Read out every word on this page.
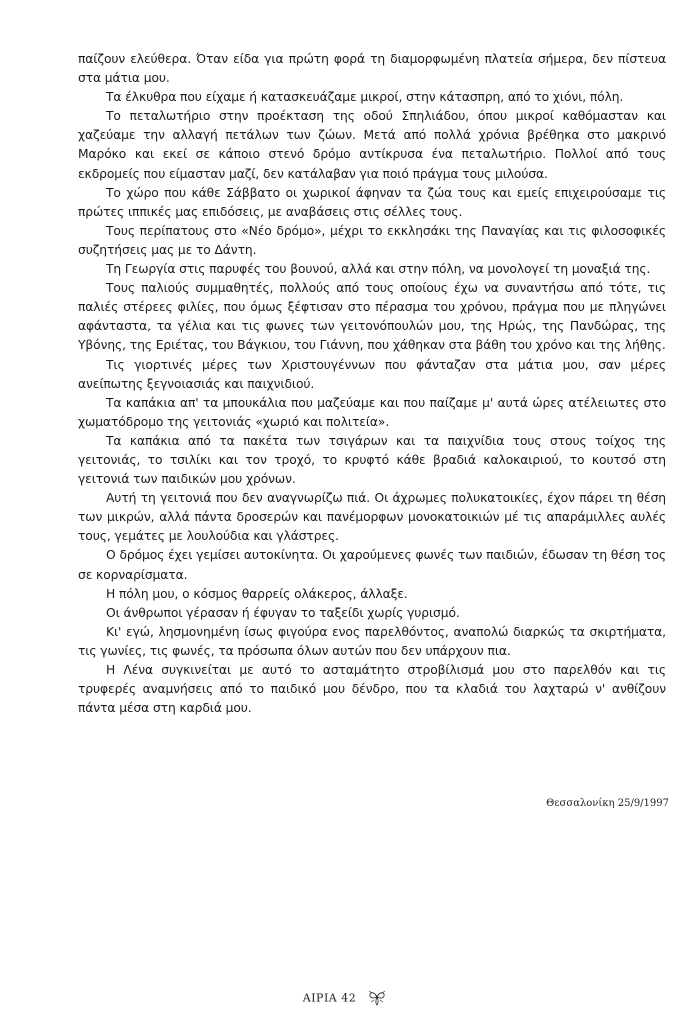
παίζουν ελεύθερα. Όταν είδα για πρώτη φορά τη διαμορφωμένη πλατεία σήμερα, δεν πίστευα στα μάτια μου.

Τα έλκυθρα που είχαμε ή κατασκευάζαμε μικροί, στην κάτασπρη, από το χιόνι, πόλη.

Το πεταλωτήριο στην προέκταση της οδού Σπηλιάδου, όπου μικροί καθόμασταν και χαζεύαμε την αλλαγή πετάλων των ζώων. Μετά από πολλά χρόνια βρέθηκα στο μακρινό Μαρόκο και εκεί σε κάποιο στενό δρόμο αντίκρυσα ένα πεταλωτήριο. Πολλοί από τους εκδρομείς που είμασταν μαζί, δεν κατάλαβαν για ποιό πράγμα τους μιλούσα.

Το χώρο που κάθε Σάββατο οι χωρικοί άφηναν τα ζώα τους και εμείς επιχειρούσαμε τις πρώτες ιππικές μας επιδόσεις, με αναβάσεις στις σέλλες τους.

Τους περίπατους στο «Νέο δρόμο», μέχρι το εκκλησάκι της Παναγίας και τις φιλοσοφικές συζητήσεις μας με το Δάντη.

Τη Γεωργία στις παρυφές του βουνού, αλλά και στην πόλη, να μονολογεί τη μοναξιά της.

Τους παλιούς συμμαθητές, πολλούς από τους οποίους έχω να συναντήσω από τότε, τις παλιές στέρεες φιλίες, που όμως ξέφτισαν στο πέρασμα του χρόνου, πράγμα που με πληγώνει αφάνταστα, τα γέλια και τις φωνες των γειτονόπουλών μου, της Ηρώς, της Πανδώρας, της Υβόνης, της Εριέτας, του Βάγκιου, του Γιάννη, που χάθηκαν στα βάθη του χρόνο και της λήθης.

Τις γιορτινές μέρες των Χριστουγέννων που φάνταζαν στα μάτια μου, σαν μέρες ανείπωτης ξεγνοιασιάς και παιχνιδιού.

Τα καπάκια απ' τα μπουκάλια που μαζεύαμε και που παίζαμε μ' αυτά ώρες ατέλειωτες στο χωματόδρομο της γειτονιάς «χωριό και πολιτεία».

Τα καπάκια από τα πακέτα των τσιγάρων και τα παιχνίδια τους στους τοίχος της γειτονιάς, το τσιλίκι και τον τροχό, το κρυφτό κάθε βραδιά καλοκαιριού, το κουτσό στη γειτονιά των παιδικών μου χρόνων.

Αυτή τη γειτονιά που δεν αναγνωρίζω πιά. Οι άχρωμες πολυκατοικίες, έχον πάρει τη θέση των μικρών, αλλά πάντα δροσερών και πανέμορφων μονοκατοικιών μέ τις απαράμιλλες αυλές τους, γεμάτες με λουλούδια και γλάστρες.

Ο δρόμος έχει γεμίσει αυτοκίνητα. Οι χαρούμενες φωνές των παιδιών, έδωσαν τη θέση τος σε κορναρίσματα.

Η πόλη μου, ο κόσμος θαρρείς ολάκερος, άλλαξε.

Οι άνθρωποι γέρασαν ή έφυγαν το ταξείδι χωρίς γυρισμό.

Κι' εγώ, λησμονημένη ίσως φιγούρα ενος παρελθόντος, αναπολώ διαρκώς τα σκιρτήματα, τις γωνίες, τις φωνές, τα πρόσωπα όλων αυτών που δεν υπάρχουν πια.

Η Λένα συγκινείται με αυτό το ασταμάτητο στροβίλισμά μου στο παρελθόν και τις τρυφερές αναμνήσεις από το παιδικό μου δένδρο, που τα κλαδιά του λαχταρώ ν' ανθίζουν πάντα μέσα στη καρδιά μου.

Θεσσαλονίκη 25/9/1997
ΑΙΡΙΑ 42
